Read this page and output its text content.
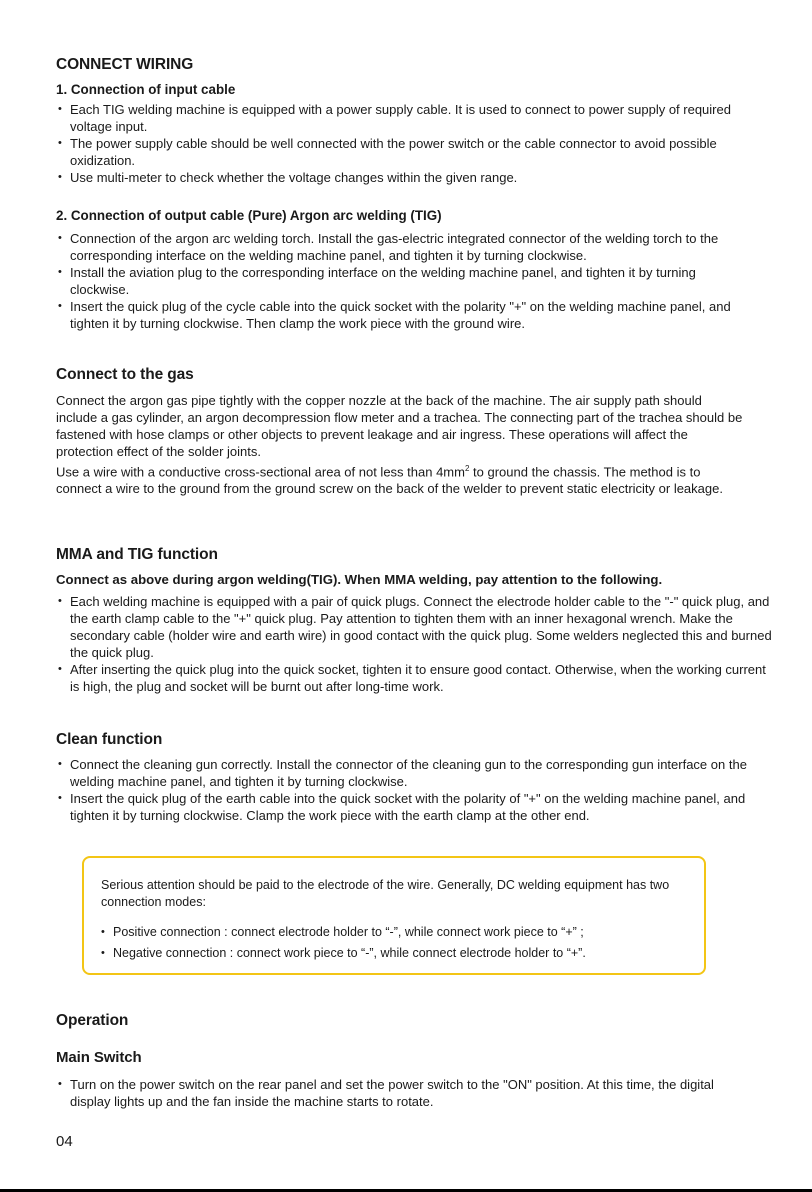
CONNECT WIRING
1. Connection of input cable
• Each TIG welding machine is equipped with a power supply cable. It is used to connect to power supply of required voltage input.
• The power supply cable should be well connected with the power switch or the cable connector to avoid possible oxidization.
• Use multi-meter to check whether the voltage changes within the given range.
2. Connection of output cable (Pure) Argon arc welding (TIG)
• Connection of the argon arc welding torch. Install the gas-electric integrated connector of the welding torch to the corresponding interface on the welding machine panel, and tighten it by turning clockwise.
• Install the aviation plug to the corresponding interface on the welding machine panel, and tighten it by turning clockwise.
• Insert the quick plug of the cycle cable into the quick socket with the polarity "+" on the welding machine panel, and tighten it by turning clockwise. Then clamp the work piece with the ground wire.
Connect to the gas

Connect the argon gas pipe tightly with the copper nozzle at the back of the machine. The air supply path should include a gas cylinder, an argon decompression flow meter and a trachea. The connecting part of the trachea should be fastened with hose clamps or other objects to prevent leakage and air ingress. These operations will affect the protection effect of the solder joints.

Use a wire with a conductive cross-sectional area of not less than $4mm^2$ to ground the chassis. The method is to connect a wire to the ground from the ground screw on the back of the welder to prevent static electricity or leakage.

MMA and TIG function
Connect as above during argon welding(TIG). When MMA welding, pay attention to the following.
• Each welding machine is equipped with a pair of quick plugs. Connect the electrode holder cable to the "-" quick plug, and the earth clamp cable to the "+" quick plug. Pay attention to tighten them with an inner hexagonal wrench. Make the secondary cable (holder wire and earth wire) in good contact with the quick plug. Some welders neglected this and burned the quick plug.
• After inserting the quick plug into the quick socket, tighten it to ensure good contact. Otherwise, when the working current is high, the plug and socket will be burnt out after long-time work.
Clean function
• Connect the cleaning gun correctly. Install the connector of the cleaning gun to the corresponding gun interface on the welding machine panel, and tighten it by turning clockwise.
• Insert the quick plug of the earth cable into the quick socket with the polarity of "+" on the welding machine panel, and tighten it by turning clockwise. Clamp the work piece with the earth clamp at the other end.
Serious attention should be paid to the electrode of the wire. Generally, DC welding equipment has two connection modes:
• Positive connection : connect electrode holder to “-”, while connect work piece to “+” ;
• Negative connection : connect work piece to “-”, while connect electrode holder to “+”.
Operation
Main Switch
• Turn on the power switch on the rear panel and set the power switch to the "ON" position. At this time, the digital display lights up and the fan inside the machine starts to rotate.
04
